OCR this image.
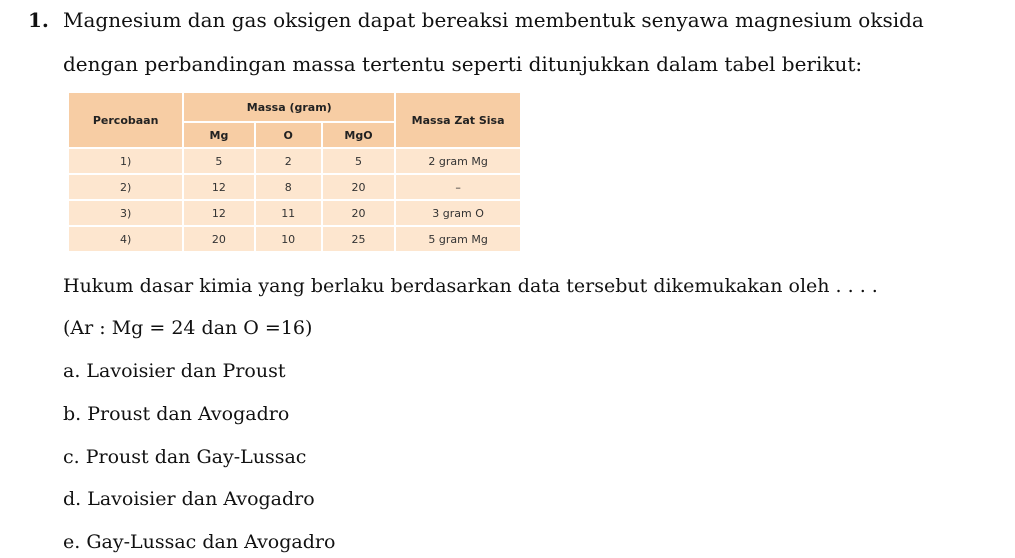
1. Magnesium dan gas oksigen dapat bereaksi membentuk senyawa magnesium oksida
dengan perbandingan massa tertentu seperti ditunjukkan dalam tabel berikut:
Percobaan	Massa (gram)			Massa Zat Sisa
	Mg	O	MgO	
1)	5	2	5	2 gram Mg
2)	12	8	20	–
3)	12	11	20	3 gram O
4)	20	10	25	5 gram Mg
Hukum dasar kimia yang berlaku berdasarkan data tersebut dikemukakan oleh . . . .
(Ar : Mg = 24 dan O =16)
a. Lavoisier dan Proust
b. Proust dan Avogadro
c. Proust dan Gay-Lussac
d. Lavoisier dan Avogadro
e. Gay-Lussac dan Avogadro
